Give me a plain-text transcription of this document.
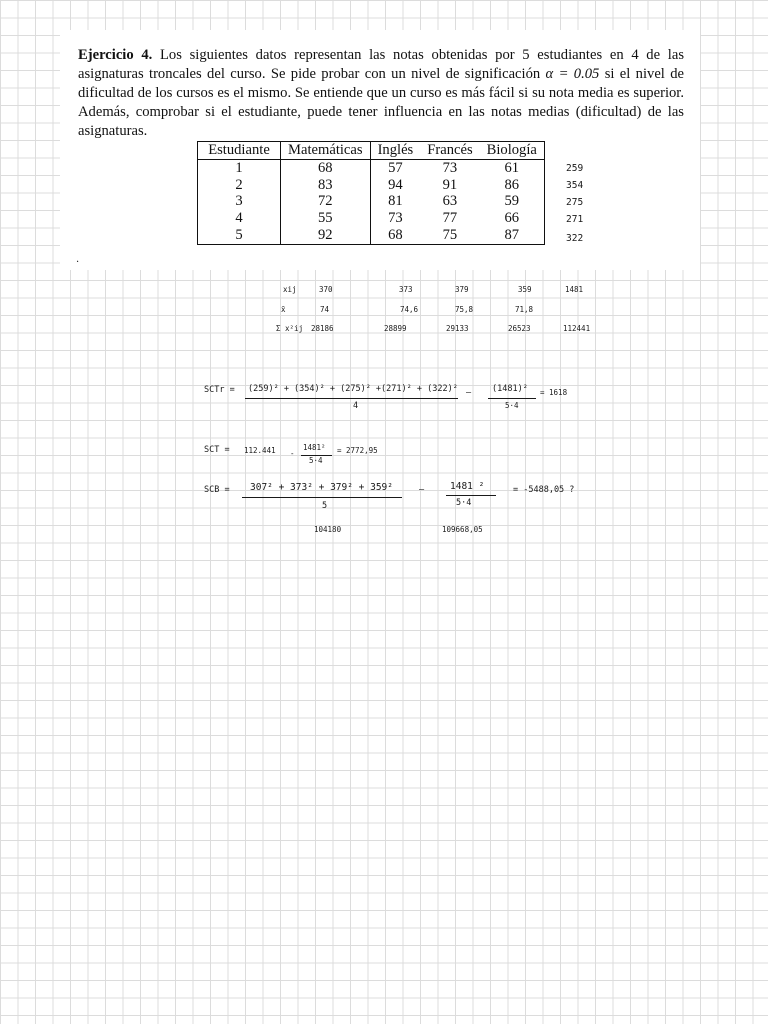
Ejercicio 4. Los siguientes datos representan las notas obtenidas por 5 estudiantes en 4 de las asignaturas troncales del curso. Se pide probar con un nivel de significación α = 0.05 si el nivel de dificultad de los cursos es el mismo. Se entiende que un curso es más fácil si su nota media es superior. Además, comprobar si el estudiante, puede tener influencia en las notas medias (dificultad) de las asignaturas.

Estudiante	Matemáticas	Inglés	Francés	Biología
1	68	57	73	61
2	83	94	91	86
3	72	81	63	59
4	55	73	77	66
5	92	68	75	87
.
259
354
275
271
322
xij	370	373	379	359	1481
x̄	74	74,6	75,8	71,8
Σ x²ij 28186	28899	29133	26523	112441
SCTr = (259)² + (354)² + (275)² +(271)² + (322)²
4
— (1481)²
5·4
= 1618
SCT = 112.441 -
1481²
5·4
= 2772,95
SCB = 307² + 373² + 379² + 359²
5
—	1481 ²
5·4
= -5488,05 ?
104180	109668,05
